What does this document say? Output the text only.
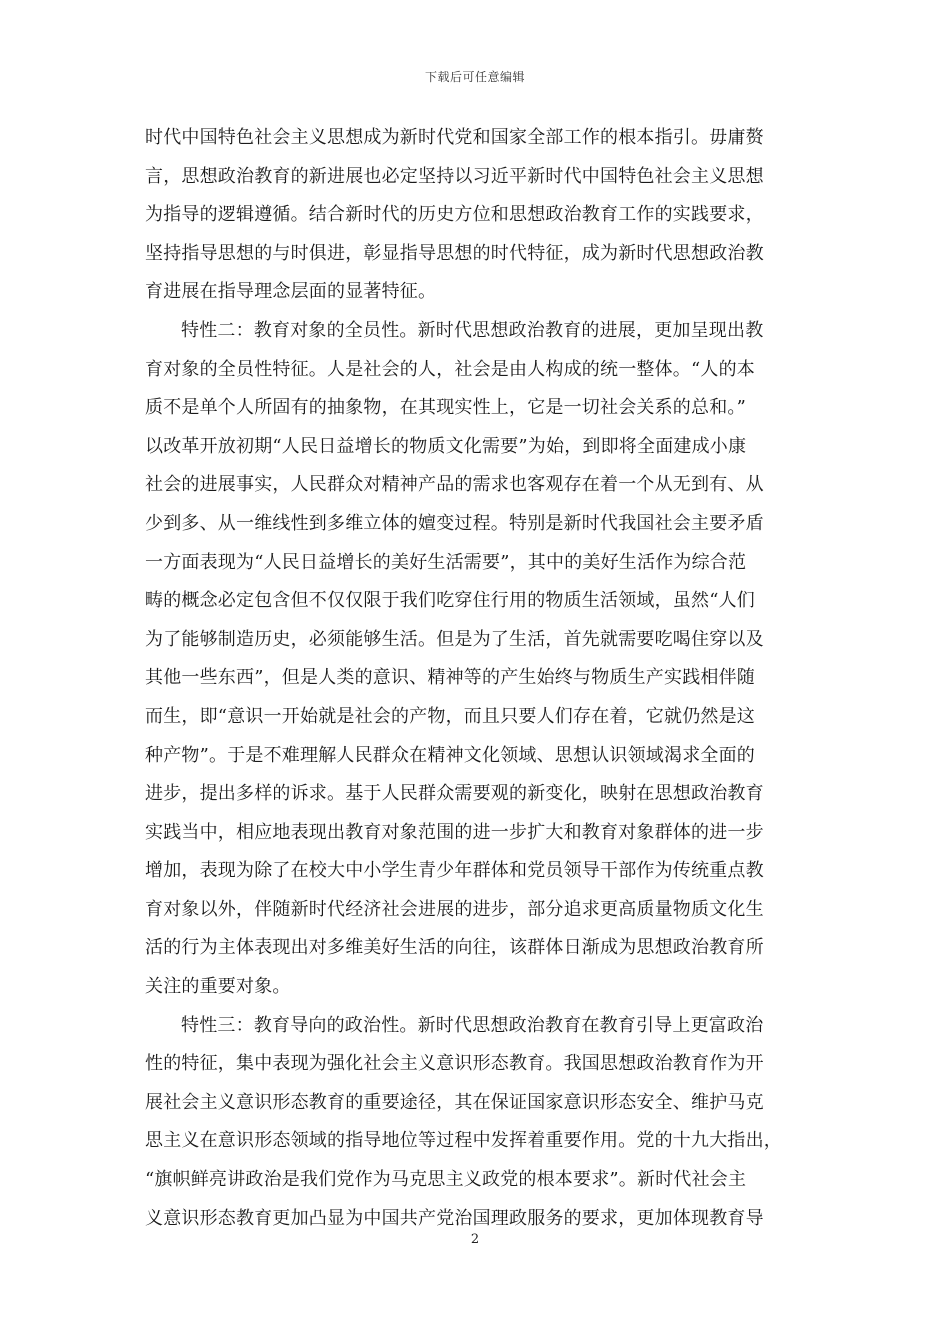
下载后可任意编辑
时代中国特色社会主义思想成为新时代党和国家全部工作的根本指引。毋庸赘
言，思想政治教育的新进展也必定坚持以习近平新时代中国特色社会主义思想
为指导的逻辑遵循。结合新时代的历史方位和思想政治教育工作的实践要求，
坚持指导思想的与时俱进，彰显指导思想的时代特征，成为新时代思想政治教
育进展在指导理念层面的显著特征。
特性二：教育对象的全员性。新时代思想政治教育的进展，更加呈现出教
育对象的全员性特征。人是社会的人，社会是由人构成的统一整体。“人的本
质不是单个人所固有的抽象物，在其现实性上，它是一切社会关系的总和。”
以改革开放初期“人民日益增长的物质文化需要”为始，到即将全面建成小康
社会的进展事实，人民群众对精神产品的需求也客观存在着一个从无到有、从
少到多、从一维线性到多维立体的嬗变过程。特别是新时代我国社会主要矛盾
一方面表现为“人民日益增长的美好生活需要”，其中的美好生活作为综合范
畴的概念必定包含但不仅仅限于我们吃穿住行用的物质生活领域，虽然“人们
为了能够制造历史，必须能够生活。但是为了生活，首先就需要吃喝住穿以及
其他一些东西”，但是人类的意识、精神等的产生始终与物质生产实践相伴随
而生，即“意识一开始就是社会的产物，而且只要人们存在着，它就仍然是这
种产物”。于是不难理解人民群众在精神文化领域、思想认识领域渴求全面的
进步，提出多样的诉求。基于人民群众需要观的新变化，映射在思想政治教育
实践当中，相应地表现出教育对象范围的进一步扩大和教育对象群体的进一步
增加，表现为除了在校大中小学生青少年群体和党员领导干部作为传统重点教
育对象以外，伴随新时代经济社会进展的进步，部分追求更高质量物质文化生
活的行为主体表现出对多维美好生活的向往，该群体日渐成为思想政治教育所
关注的重要对象。
特性三：教育导向的政治性。新时代思想政治教育在教育引导上更富政治
性的特征，集中表现为强化社会主义意识形态教育。我国思想政治教育作为开
展社会主义意识形态教育的重要途径，其在保证国家意识形态安全、维护马克
思主义在意识形态领域的指导地位等过程中发挥着重要作用。党的十九大指出，
“旗帜鲜亮讲政治是我们党作为马克思主义政党的根本要求”。新时代社会主
义意识形态教育更加凸显为中国共产党治国理政服务的要求，更加体现教育导
2
